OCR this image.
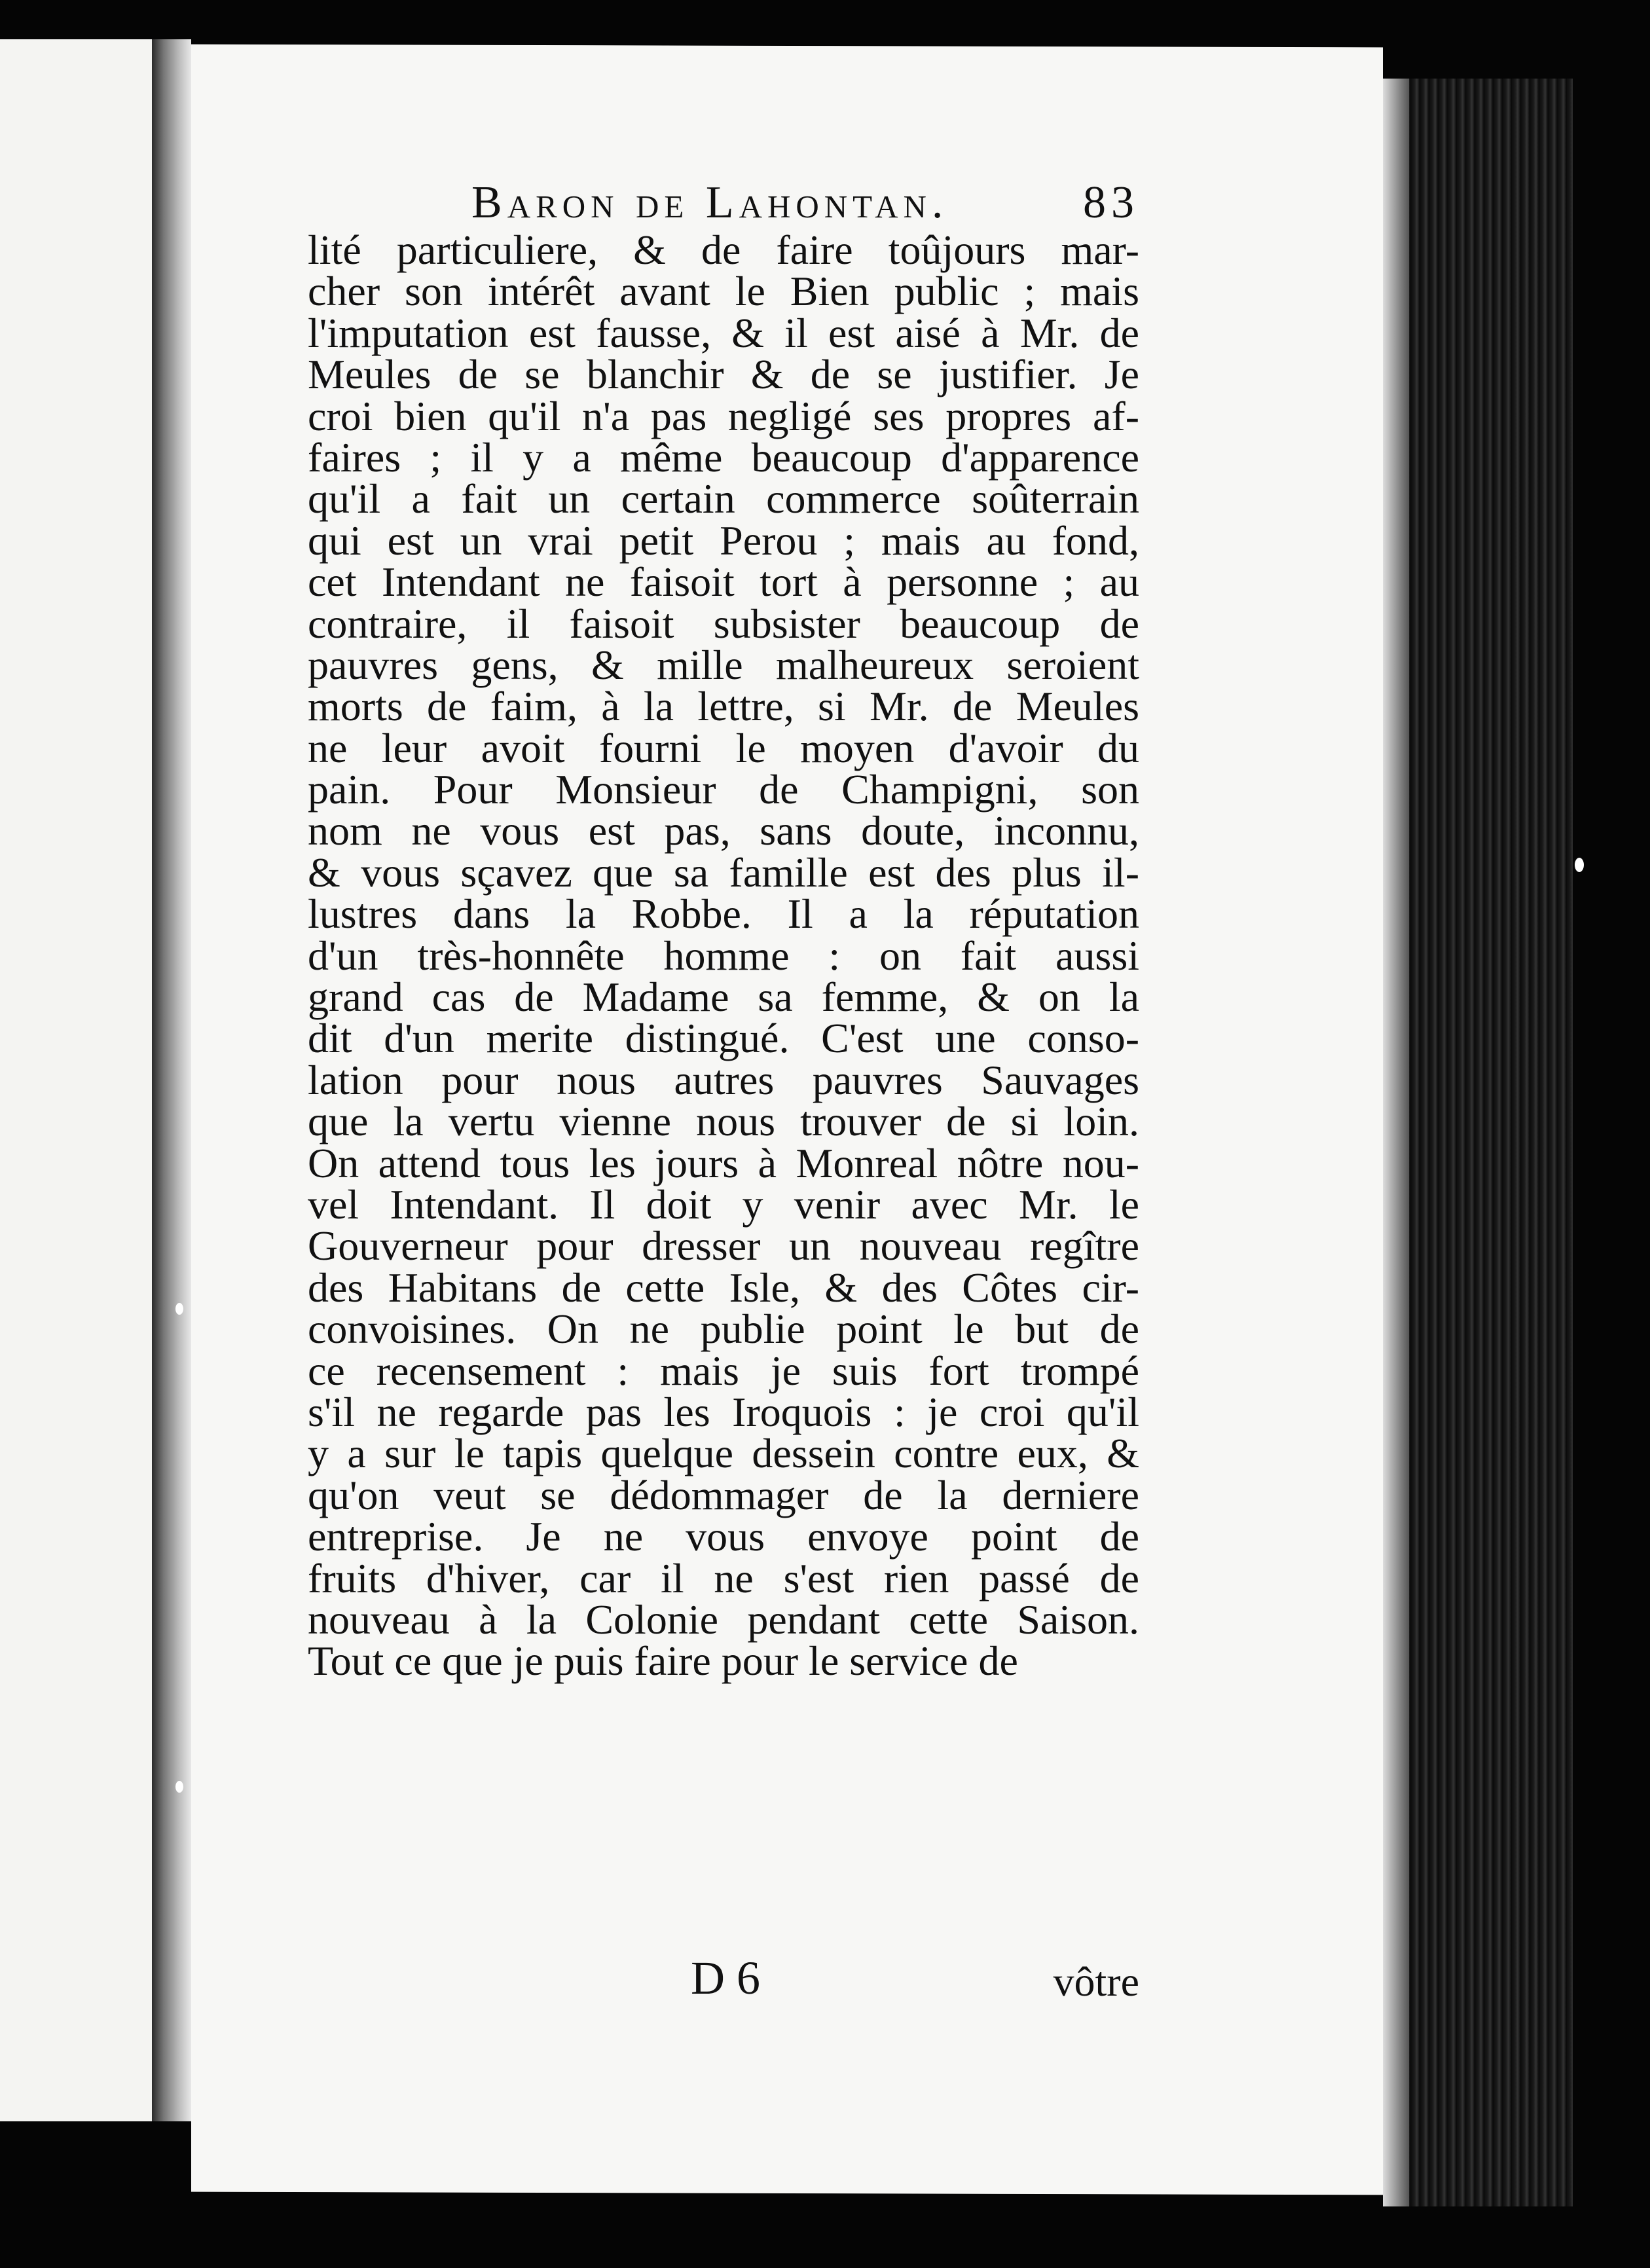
Baron de Lahontan.	83
lité particuliere, & de faire toûjours mar-
cher son intérêt avant le Bien public ; mais
l'imputation est fausse, & il est aisé à Mr. de
Meules de se blanchir & de se justifier. Je
croi bien qu'il n'a pas negligé ses propres af-
faires ; il y a même beaucoup d'apparence
qu'il a fait un certain commerce soûterrain
qui est un vrai petit Perou ; mais au fond,
cet Intendant ne faisoit tort à personne ; au
contraire, il faisoit subsister beaucoup de
pauvres gens, & mille malheureux seroient
morts de faim, à la lettre, si Mr. de Meules
ne leur avoit fourni le moyen d'avoir du
pain. Pour Monsieur de Champigni, son
nom ne vous est pas, sans doute, inconnu,
& vous sçavez que sa famille est des plus il-
lustres dans la Robbe. Il a la réputation
d'un très-honnête homme : on fait aussi
grand cas de Madame sa femme, & on la
dit d'un merite distingué. C'est une conso-
lation pour nous autres pauvres Sauvages
que la vertu vienne nous trouver de si loin.
On attend tous les jours à Monreal nôtre nou-
vel Intendant. Il doit y venir avec Mr. le
Gouverneur pour dresser un nouveau regître
des Habitans de cette Isle, & des Côtes cir-
convoisines. On ne publie point le but de
ce recensement : mais je suis fort trompé
s'il ne regarde pas les Iroquois : je croi qu'il
y a sur le tapis quelque dessein contre eux, &
qu'on veut se dédommager de la derniere
entreprise. Je ne vous envoye point de
fruits d'hiver, car il ne s'est rien passé de
nouveau à la Colonie pendant cette Saison.
Tout ce que je puis faire pour le service de
D 6	vôtre
